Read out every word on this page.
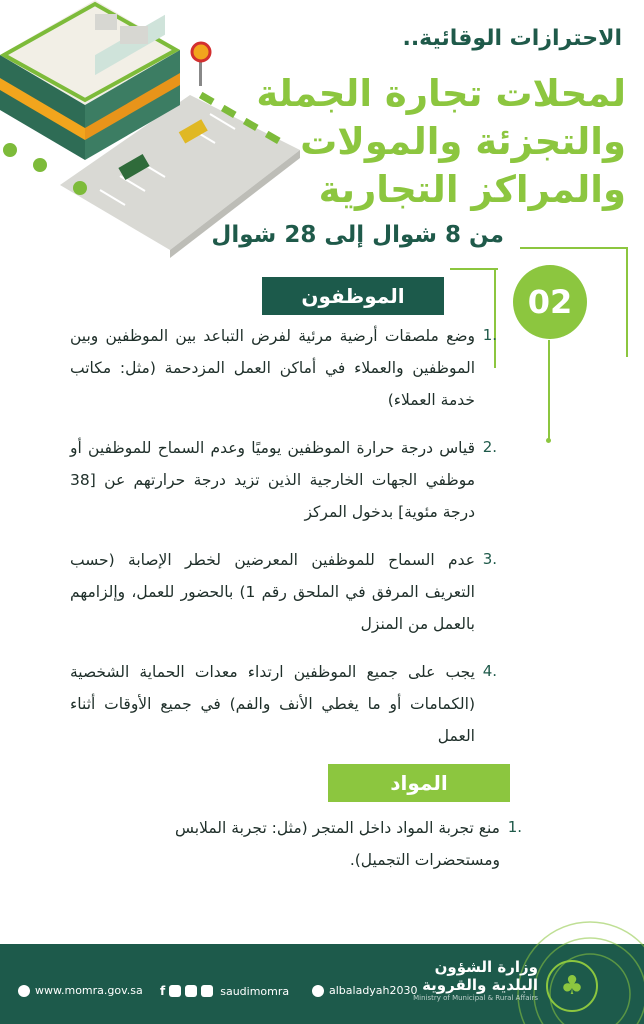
الاحترازات الوقائية..
لمحلات تجارة الجملة
والتجزئة والمولات
والمراكز التجارية
من 8 شوال إلى 28 شوال
02
الموظفون
وضع ملصقات أرضية مرئية لفرض التباعد بين الموظفين وبين الموظفين والعملاء في أماكن العمل المزدحمة (مثل: مكاتب خدمة العملاء)
1.
قياس درجة حرارة الموظفين يوميًا وعدم السماح للموظفين أو موظفي الجهات الخارجية الذين تزيد درجة حرارتهم عن [38 درجة مئوية] بدخول المركز
2.
عدم السماح للموظفين المعرضين لخطر الإصابة (حسب التعريف المرفق في الملحق رقم 1) بالحضور للعمل، وإلزامهم بالعمل من المنزل
3.
يجب على جميع الموظفين ارتداء معدات الحماية الشخصية (الكمامات أو ما يغطي الأنف والفم) في جميع الأوقات أثناء العمل
4.
المواد
منع تجربة المواد داخل المتجر (مثل: تجربة الملابس ومستحضرات التجميل).
1.
♣
وزارة الشؤون
البلدية والقروية
Ministry of Municipal & Rural Affairs
albaladyah2030
f	saudimomra
www.momra.gov.sa
